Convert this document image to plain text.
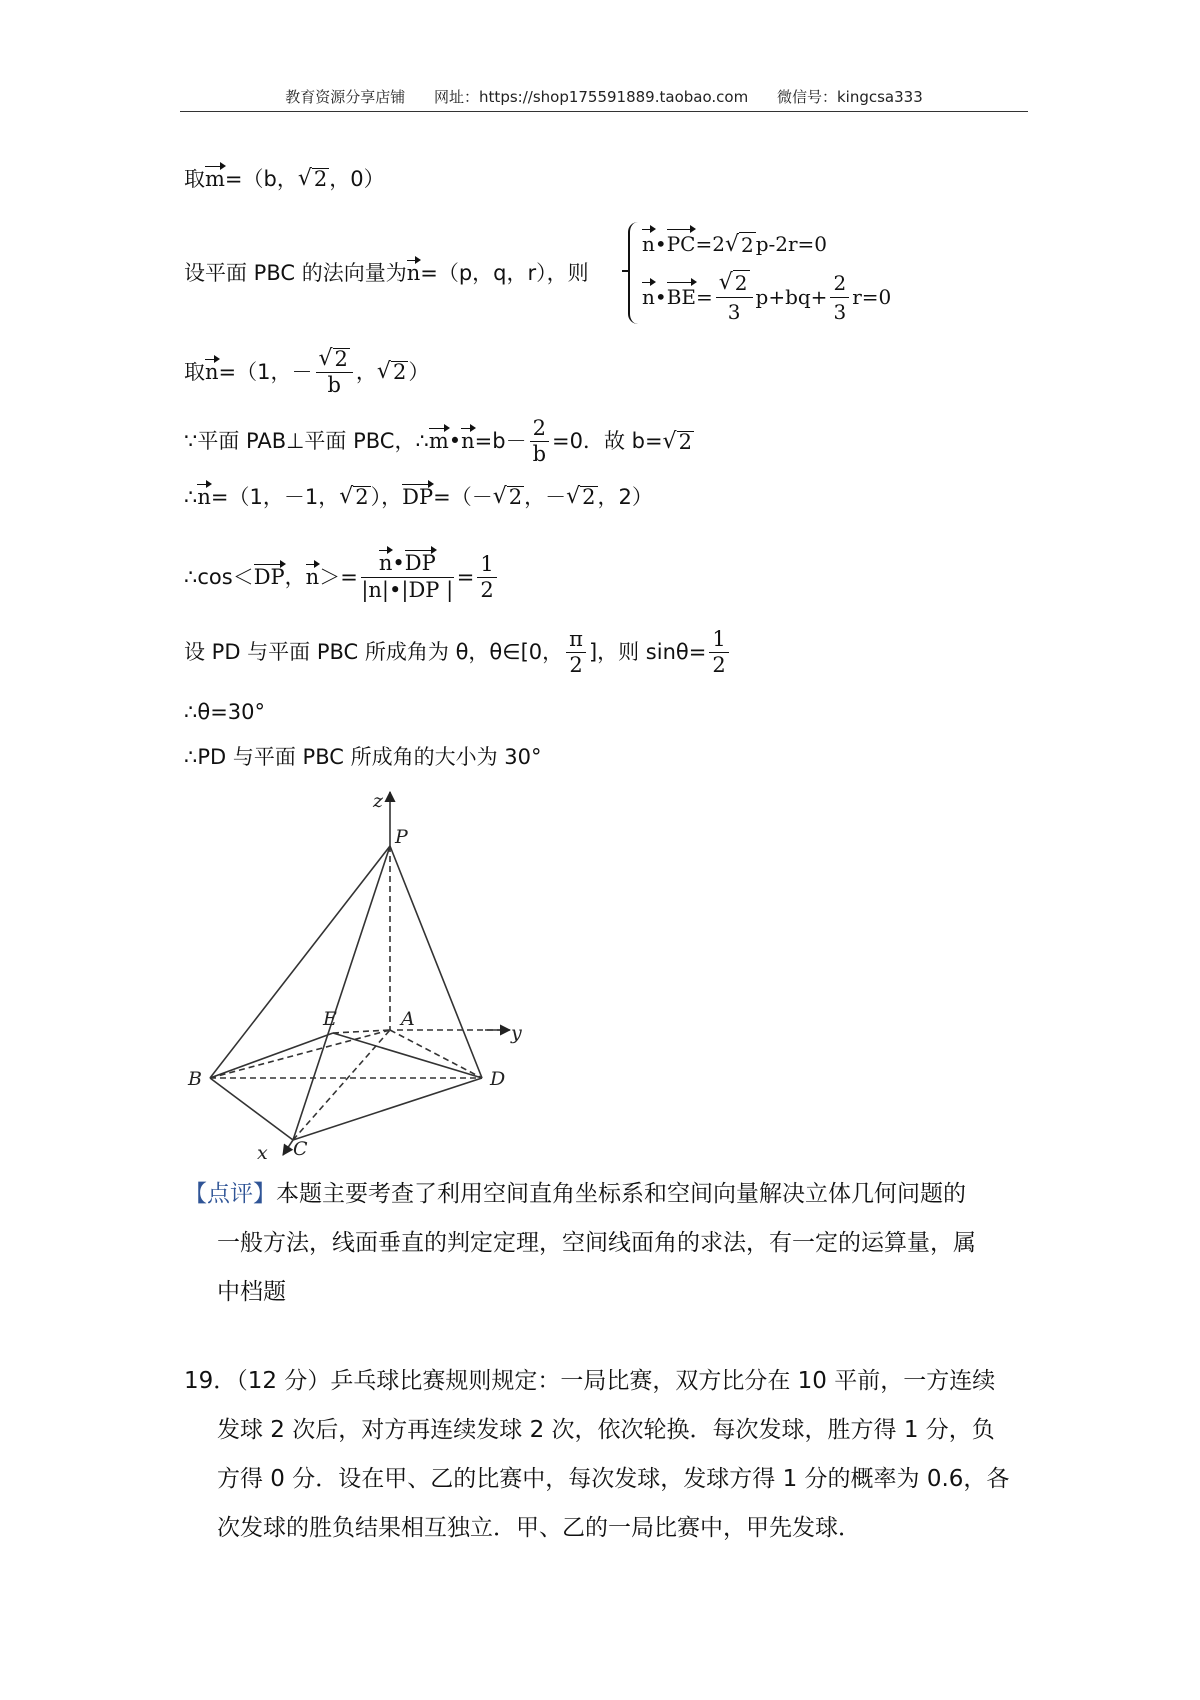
教育资源分享店铺 网址：https://shop175591889.taobao.com 微信号：kingcsa333
取 m =（b， √ 2 ，0）
设平面 PBC 的法向量为 n =（p，q，r），则
n•PC=2 √ 2 p-2r=0
n • BE = $\frac{√ 2}{3} p+bq+ \frac{2}{3} r=0$
取 n =（1，－ $\frac{√ 2}{b}$ ， √ 2 ）
∵平面 PAB⊥平面 PBC，∴ m • $n =b- \frac{2}{b} =0$．故 b= √ 2
∴ n =（1，－1， √ 2 ）， DP =（－ √ 2 ，－ √ 2 ，2）
∴cos＜ DP ， $n >= \frac{n•DP}{|n|•|DP |} = \frac{1}{2}$
设 PD 与平面 PBC 所成角为 θ，θ∈[0， $\frac{\pi}{2}$ ]，则 $\sin\theta= \frac{1}{2}$
∴θ=30°
∴PD 与平面 PBC 所成角的大小为 30°
z
P
E	A
y
B	D
x C
【点评】本题主要考查了利用空间直角坐标系和空间向量解决立体几何问题的
一般方法，线面垂直的判定定理，空间线面角的求法，有一定的运算量，属
中档题
19．（12 分）乒乓球比赛规则规定：一局比赛，双方比分在 10 平前，一方连续
发球 2 次后，对方再连续发球 2 次，依次轮换．每次发球，胜方得 1 分，负
方得 0 分．设在甲、乙的比赛中，每次发球，发球方得 1 分的概率为 0.6，各
次发球的胜负结果相互独立．甲、乙的一局比赛中，甲先发球．
